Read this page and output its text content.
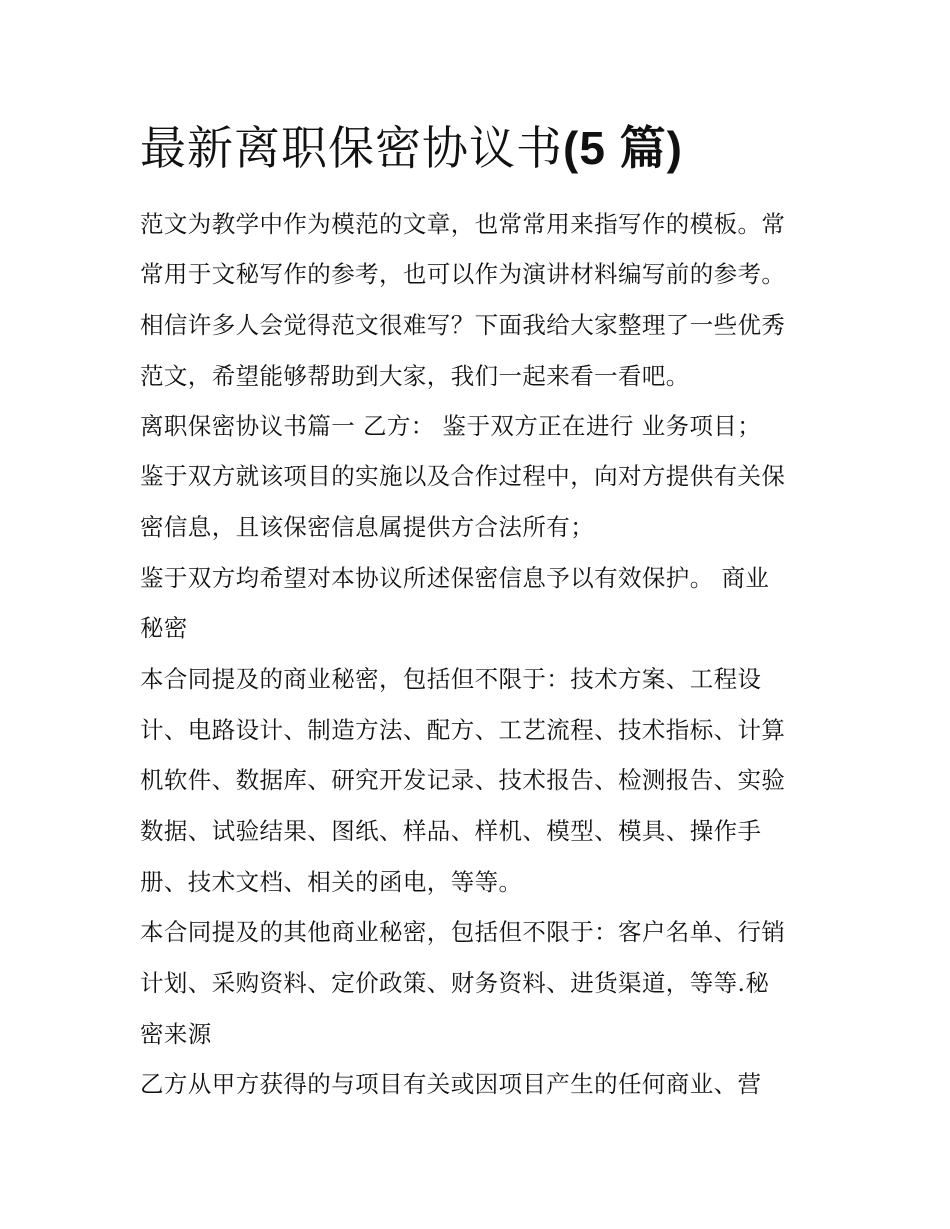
最新离职保密协议书(5 篇)

范文为教学中作为模范的文章，也常常用来指写作的模板。常

常用于文秘写作的参考，也可以作为演讲材料编写前的参考。

相信许多人会觉得范文很难写？下面我给大家整理了一些优秀

范文，希望能够帮助到大家，我们一起来看一看吧。

离职保密协议书篇一 乙方： 鉴于双方正在进行 业务项目；

鉴于双方就该项目的实施以及合作过程中，向对方提供有关保

密信息，且该保密信息属提供方合法所有；

鉴于双方均希望对本协议所述保密信息予以有效保护。 商业

秘密

本合同提及的商业秘密，包括但不限于：技术方案、工程设

计、电路设计、制造方法、配方、工艺流程、技术指标、计算

机软件、数据库、研究开发记录、技术报告、检测报告、实验

数据、试验结果、图纸、样品、样机、模型、模具、操作手

册、技术文档、相关的函电，等等。

本合同提及的其他商业秘密，包括但不限于：客户名单、行销

计划、采购资料、定价政策、财务资料、进货渠道，等等.秘

密来源

乙方从甲方获得的与项目有关或因项目产生的任何商业、营
